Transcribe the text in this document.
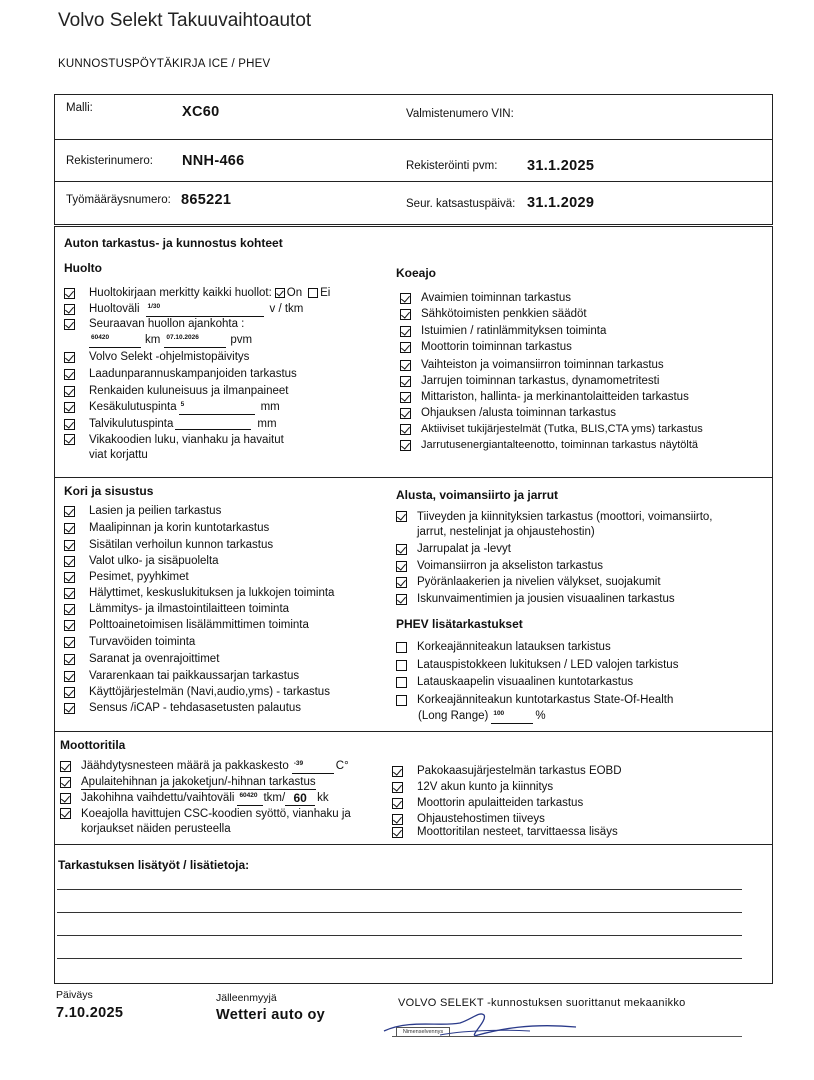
Volvo Selekt Takuuvaihtoautot
KUNNOSTUSPÖYTÄKIRJA ICE / PHEV
Malli:	XC60	Valmistenumero VIN:
Rekisterinumero: NNH-466	Rekisteröinti pvm: 31.1.2025
Työmääräysnumero: 865221	Seur. katsastuspäivä: 31.1.2029
Auton tarkastus- ja kunnostus kohteet
Huolto
Huoltokirjaan merkitty kaikki huollot: On Ei
Huoltoväli	$^{1/30}$	v / tkm
Seuraavan huollon ajankohta :
$^{60420}$	km $^{07.10.2026}$	pvm
Volvo Selekt -ohjelmistopäivitys
Laadunparannuskampanjoiden tarkastus
Renkaiden kuluneisuus ja ilmanpaineet
Kesäkulutuspinta $^5$	mm
Talvikulutuspinta	mm
Vikakoodien luku, vianhaku ja havaitut viat korjattu
Koeajo
Avaimien toiminnan tarkastus
Sähkötoimisten penkkien säädöt
Istuimien / ratinlämmityksen toiminta
Moottorin toiminnan tarkastus
Vaihteiston ja voimansiirron toiminnan tarkastus
Jarrujen toiminnan tarkastus, dynamometritesti
Mittariston, hallinta- ja merkinantolaitteiden tarkastus
Ohjauksen /alusta toiminnan tarkastus
Aktiiviset tukijärjestelmät (Tutka, BLIS,CTA yms) tarkastus
Jarrutusenergiantalteenotto, toiminnan tarkastus näytöltä
Kori ja sisustus
Lasien ja peilien tarkastus
Maalipinnan ja korin kuntotarkastus
Sisätilan verhoilun kunnon tarkastus
Valot ulko- ja sisäpuolelta
Pesimet, pyyhkimet
Hälyttimet, keskuslukituksen ja lukkojen toiminta
Lämmitys- ja ilmastointilaitteen toiminta
Polttoainetoimisen lisälämmittimen toiminta
Turvavöiden toiminta
Saranat ja ovenrajoittimet
Vararenkaan tai paikkaussarjan tarkastus
Käyttöjärjestelmän (Navi,audio,yms) - tarkastus
Sensus /iCAP - tehdasasetusten palautus
Alusta, voimansiirto ja jarrut
Tiiveyden ja kiinnityksien tarkastus (moottori, voimansiirto, jarrut, nestelinjat ja ohjaustehostin)
Jarrupalat ja -levyt
Voimansiirron ja akseliston tarkastus
Pyöränlaakerien ja nivelien välykset, suojakumit
Iskunvaimentimien ja jousien visuaalinen tarkastus
PHEV lisätarkastukset
Korkeajänniteakun latauksen tarkistus
Latauspistokkeen lukituksen / LED valojen tarkistus
Latauskaapelin visuaalinen kuntotarkastus
Korkeajänniteakun kuntotarkastus State-Of-Health
(Long Range) $^{100}$	%
Moottoritila
Jäähdytysnesteen määrä ja pakkaskesto $^{-39}$	C°
Apulaitehihnan ja jakoketjun/-hihnan tarkastus
Jakohihna vaihdettu/vaihtoväli $^{60420}$ tkm/ 60 kk
Koeajolla havittujen CSC-koodien syöttö, vianhaku ja korjaukset näiden perusteella
Pakokaasujärjestelmän tarkastus EOBD
12V akun kunto ja kiinnitys
Moottorin apulaitteiden tarkastus
Ohjaustehostimen tiiveys
Moottoritilan nesteet, tarvittaessa lisäys
Tarkastuksen lisätyöt / lisätietoja:
Päiväys
7.10.2025
Jälleenmyyjä
Wetteri auto oy
VOLVO SELEKT -kunnostuksen suorittanut mekaanikko
Nimenselvennys
